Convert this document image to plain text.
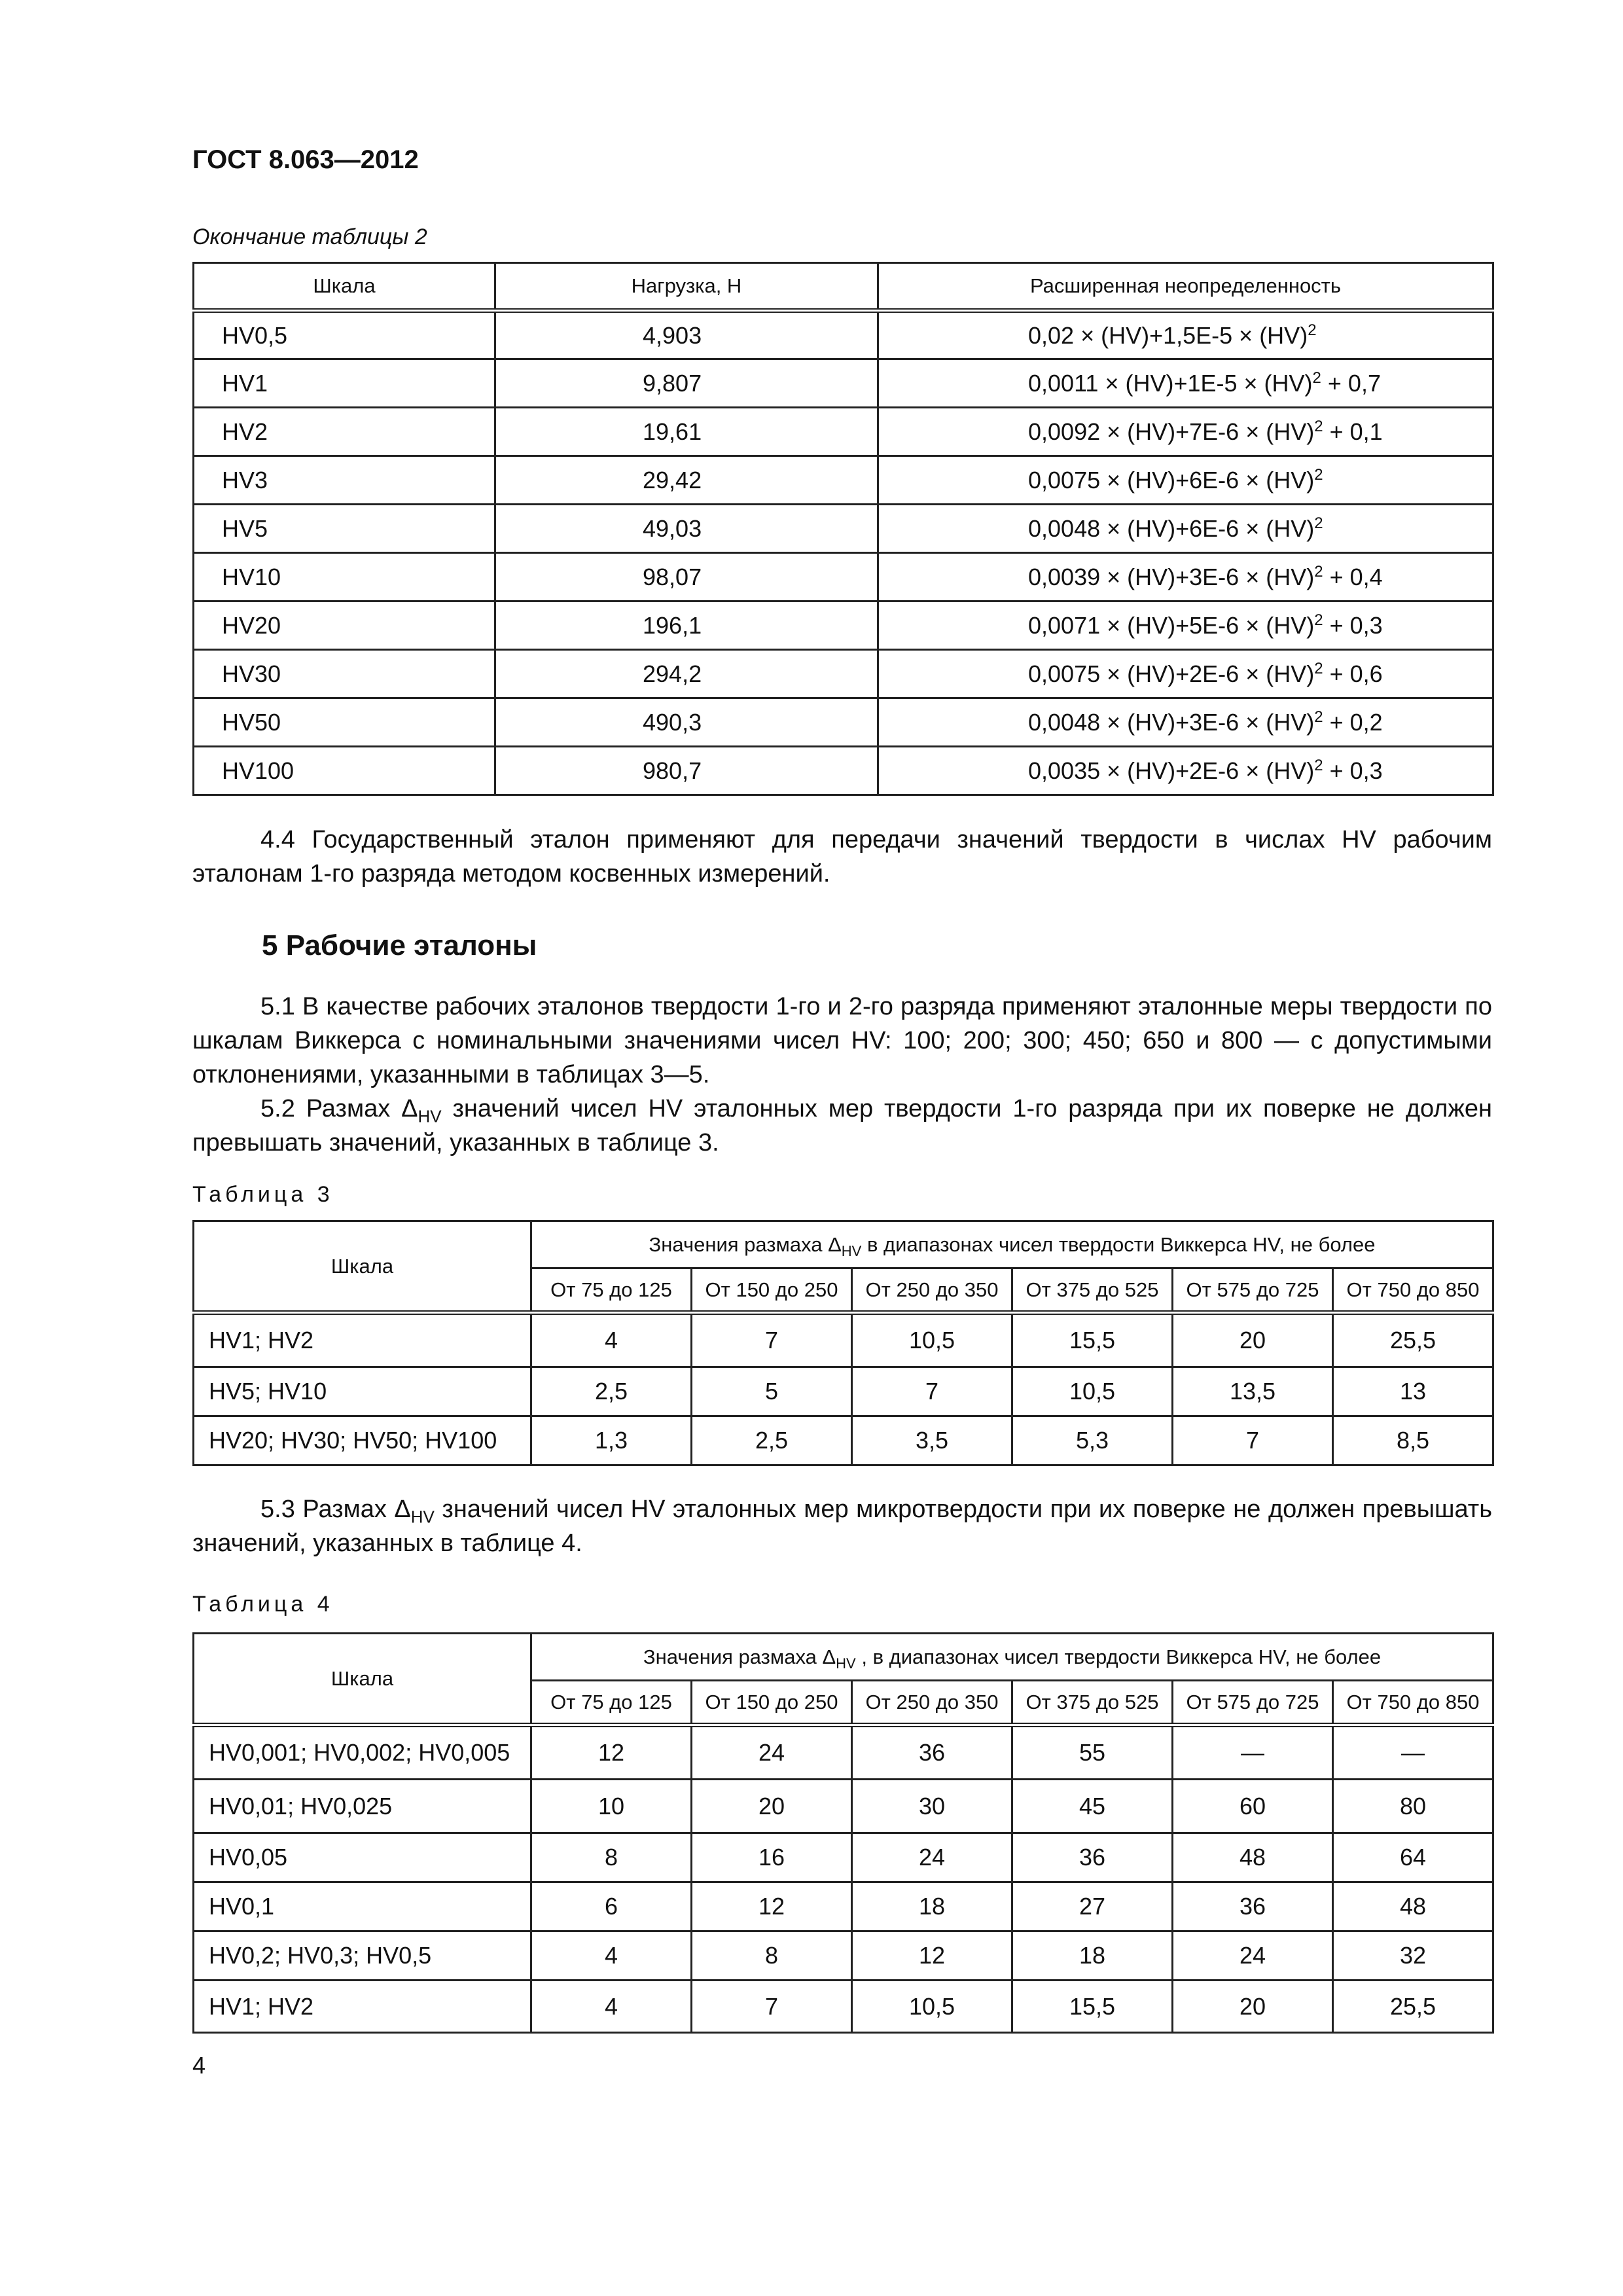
ГОСТ 8.063—2012
Окончание таблицы 2
Шкала	Нагрузка, Н	Расширенная неопределенность
HV0,5	4,903	0,02 × (HV)+1,5E-5 × (HV)$^2$
HV1	9,807	0,0011 × (HV)+1E-5 × (HV)$^2$ + 0,7
HV2	19,61	0,0092 × (HV)+7E-6 × (HV)$^2$ + 0,1
HV3	29,42	0,0075 × (HV)+6E-6 × (HV)$^2$
HV5	49,03	0,0048 × (HV)+6E-6 × (HV)$^2$
HV10	98,07	0,0039 × (HV)+3E-6 × (HV)$^2$ + 0,4
HV20	196,1	0,0071 × (HV)+5E-6 × (HV)$^2$ + 0,3
HV30	294,2	0,0075 × (HV)+2E-6 × (HV)$^2$ + 0,6
HV50	490,3	0,0048 × (HV)+3E-6 × (HV)$^2$ + 0,2
HV100	980,7	0,0035 × (HV)+2E-6 × (HV)$^2$ + 0,3
4.4 Государственный эталон применяют для передачи значений твердости в числах HV рабочим эталонам 1-го разряда методом косвенных измерений.
5 Рабочие эталоны
5.1 В качестве рабочих эталонов твердости 1-го и 2-го разряда применяют эталонные меры твердости по шкалам Виккерса с номинальными значениями чисел HV: 100; 200; 300; 450; 650 и 800 — с допустимыми отклонениями, указанными в таблицах 3—5.
5.2 Размах $\Delta_{HV}$ значений чисел HV эталонных мер твердости 1-го разряда при их поверке не должен превышать значений, указанных в таблице 3.
Таблица 3
Шкала	Значения размаха $\Delta_{HV}$ в диапазонах чисел твердости Виккерса HV, не более					
	От 75 до 125	От 150 до 250	От 250 до 350	От 375 до 525	От 575 до 725	От 750 до 850
HV1; HV2	4	7	10,5	15,5	20	25,5
HV5; HV10	2,5	5	7	10,5	13,5	13
HV20; HV30; HV50; HV100	1,3	2,5	3,5	5,3	7	8,5
5.3 Размах $\Delta_{HV}$ значений чисел HV эталонных мер микротвердости при их поверке не должен превышать значений, указанных в таблице 4.
Таблица 4
Шкала	Значения размаха $\Delta_{HV}$ , в диапазонах чисел твердости Виккерса HV, не более					
	От 75 до 125	От 150 до 250	От 250 до 350	От 375 до 525	От 575 до 725	От 750 до 850
HV0,001; HV0,002; HV0,005	12	24	36	55	—	—
HV0,01; HV0,025	10	20	30	45	60	80
HV0,05	8	16	24	36	48	64
HV0,1	6	12	18	27	36	48
HV0,2; HV0,3; HV0,5	4	8	12	18	24	32
HV1; HV2	4	7	10,5	15,5	20	25,5
4
